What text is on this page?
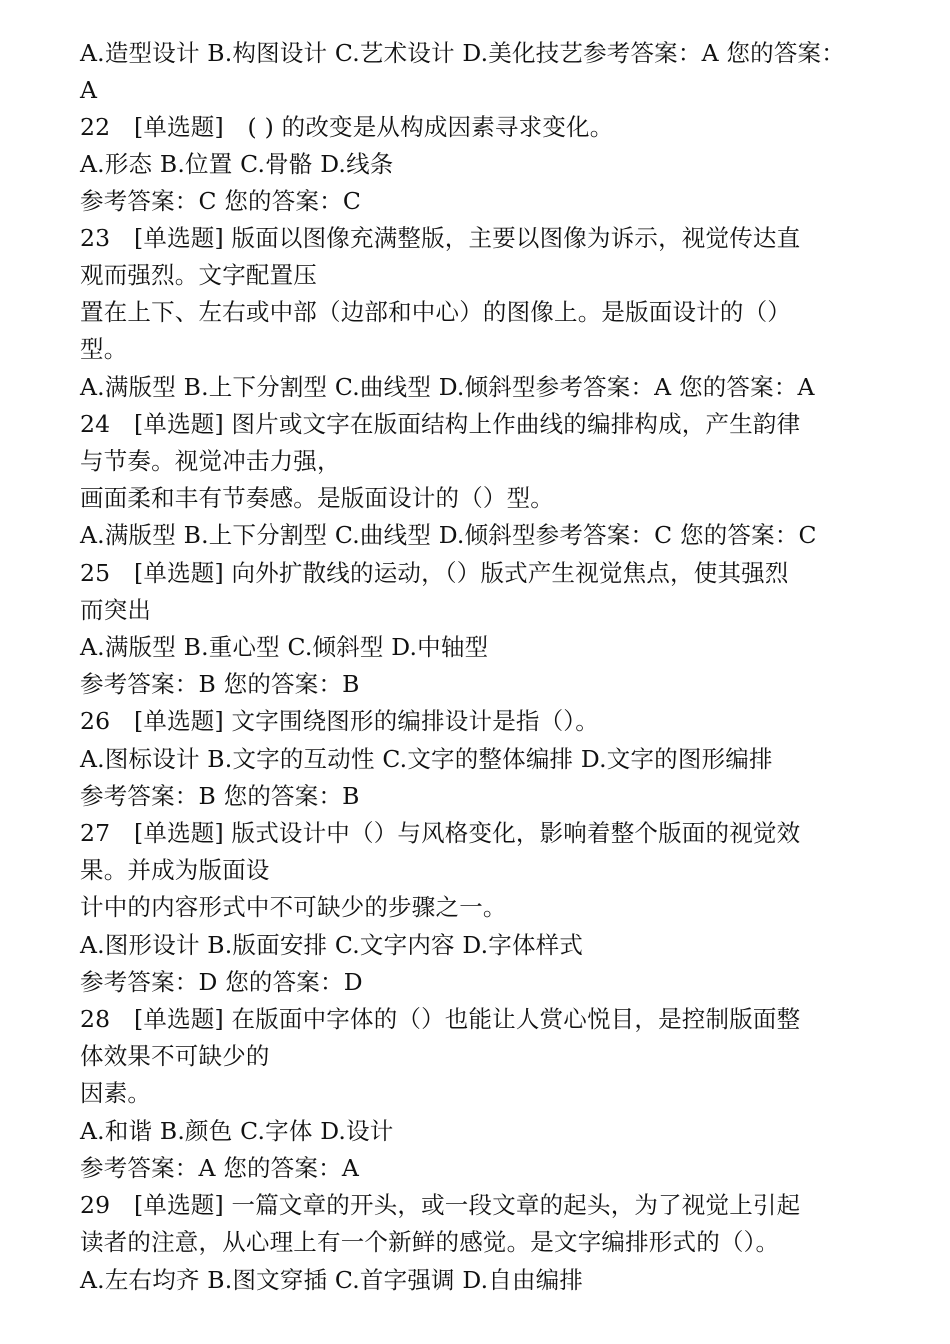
A.造型设计 B.构图设计 C.艺术设计 D.美化技艺参考答案：A 您的答案：
A
22　[单选题]　( ) 的改变是从构成因素寻求变化。
A.形态 B.位置 C.骨骼 D.线条
参考答案：C 您的答案：C
23　[单选题] 版面以图像充满整版，主要以图像为诉示，视觉传达直
观而强烈。文字配置压
置在上下、左右或中部（边部和中心）的图像上。是版面设计的（）
型。
A.满版型 B.上下分割型 C.曲线型 D.倾斜型参考答案：A 您的答案：A
24　[单选题] 图片或文字在版面结构上作曲线的编排构成，产生韵律
与节奏。视觉冲击力强，
画面柔和丰有节奏感。是版面设计的（）型。
A.满版型 B.上下分割型 C.曲线型 D.倾斜型参考答案：C 您的答案：C
25　[单选题] 向外扩散线的运动，（）版式产生视觉焦点，使其强烈
而突出
A.满版型 B.重心型 C.倾斜型 D.中轴型
参考答案：B 您的答案：B
26　[单选题] 文字围绕图形的编排设计是指（）。
A.图标设计 B.文字的互动性 C.文字的整体编排 D.文字的图形编排
参考答案：B 您的答案：B
27　[单选题] 版式设计中（）与风格变化，影响着整个版面的视觉效
果。并成为版面设
计中的内容形式中不可缺少的步骤之一。
A.图形设计 B.版面安排 C.文字内容 D.字体样式
参考答案：D 您的答案：D
28　[单选题] 在版面中字体的（）也能让人赏心悦目，是控制版面整
体效果不可缺少的
因素。
A.和谐 B.颜色 C.字体 D.设计
参考答案：A 您的答案：A
29　[单选题] 一篇文章的开头，或一段文章的起头，为了视觉上引起
读者的注意，从心理上有一个新鲜的感觉。是文字编排形式的（）。
A.左右均齐 B.图文穿插 C.首字强调 D.自由编排
